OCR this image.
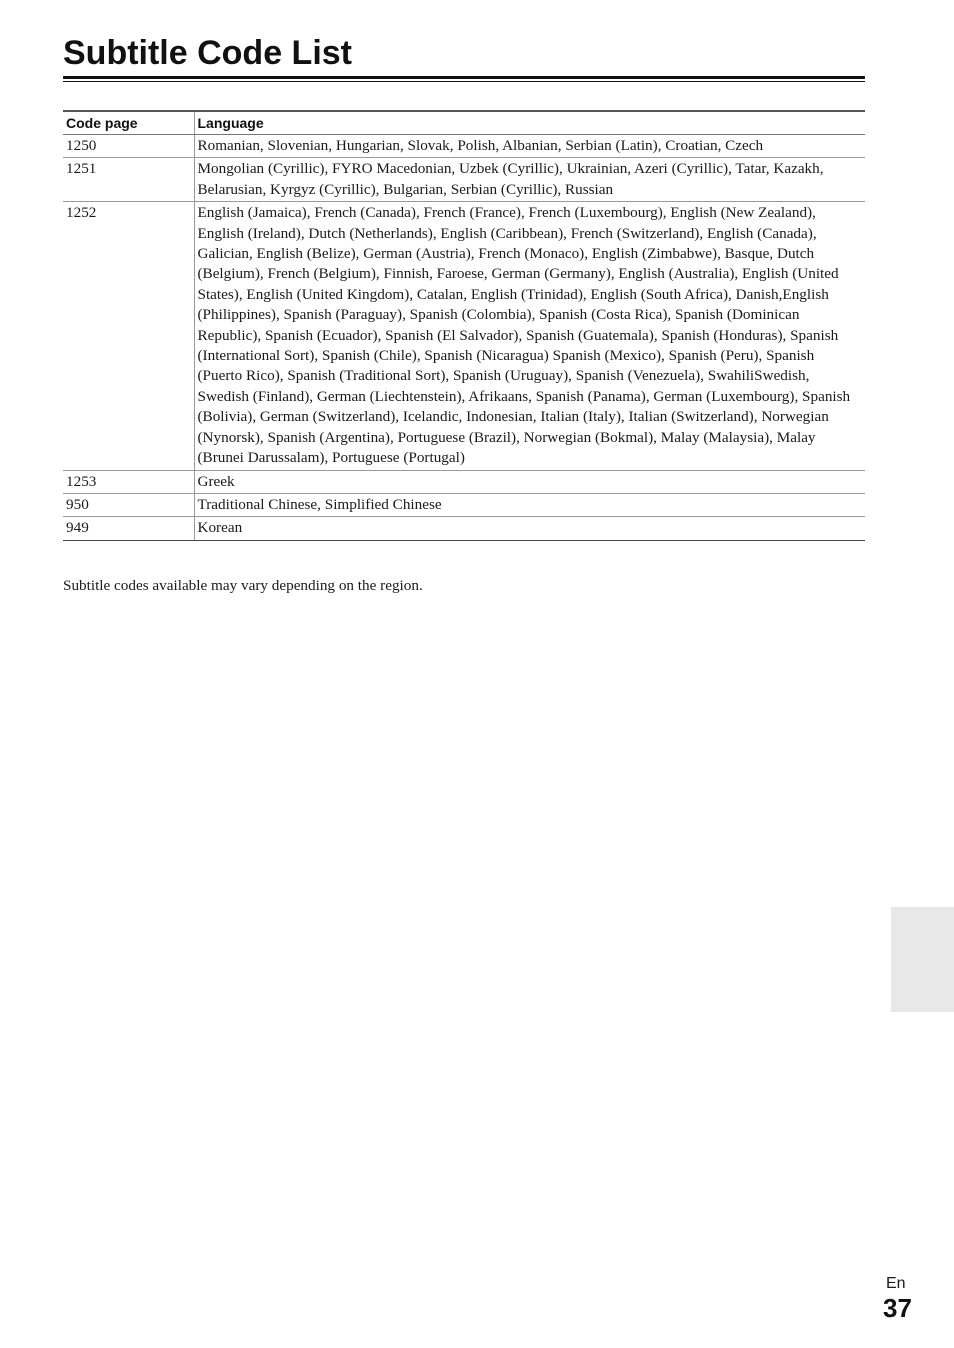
Subtitle Code List
Code page	Language
1250	Romanian, Slovenian, Hungarian, Slovak, Polish, Albanian, Serbian (Latin), Croatian, Czech
1251	Mongolian (Cyrillic), FYRO Macedonian, Uzbek (Cyrillic), Ukrainian, Azeri (Cyrillic), Tatar, Kazakh, Belarusian, Kyrgyz (Cyrillic), Bulgarian, Serbian (Cyrillic), Russian
1252	English (Jamaica), French (Canada), French (France), French (Luxembourg), English (New Zealand), English (Ireland), Dutch (Netherlands), English (Caribbean), French (Switzerland), English (Canada), Galician, English (Belize), German (Austria), French (Monaco), English (Zimbabwe), Basque, Dutch (Belgium), French (Belgium), Finnish, Faroese, German (Germany), English (Australia), English (United States), English (United Kingdom), Catalan, English (Trinidad), English (South Africa), Danish,English (Philippines), Spanish (Paraguay), Spanish (Colombia), Spanish (Costa Rica), Spanish (Dominican Republic), Spanish (Ecuador), Spanish (El Salvador), Spanish (Guatemala), Spanish (Honduras), Spanish (International Sort), Spanish (Chile), Spanish (Nicaragua) Spanish (Mexico), Spanish (Peru), Spanish (Puerto Rico), Spanish (Traditional Sort), Spanish (Uruguay), Spanish (Venezuela), SwahiliSwedish, Swedish (Finland), German (Liechtenstein), Afrikaans, Spanish (Panama), German (Luxembourg), Spanish (Bolivia), German (Switzerland), Icelandic, Indonesian, Italian (Italy), Italian (Switzerland), Norwegian (Nynorsk), Spanish (Argentina), Portuguese (Brazil), Norwegian (Bokmal), Malay (Malaysia), Malay (Brunei Darussalam), Portuguese (Portugal)
1253	Greek
950	Traditional Chinese, Simplified Chinese
949	Korean

Subtitle codes available may vary depending on the region.

En
37
